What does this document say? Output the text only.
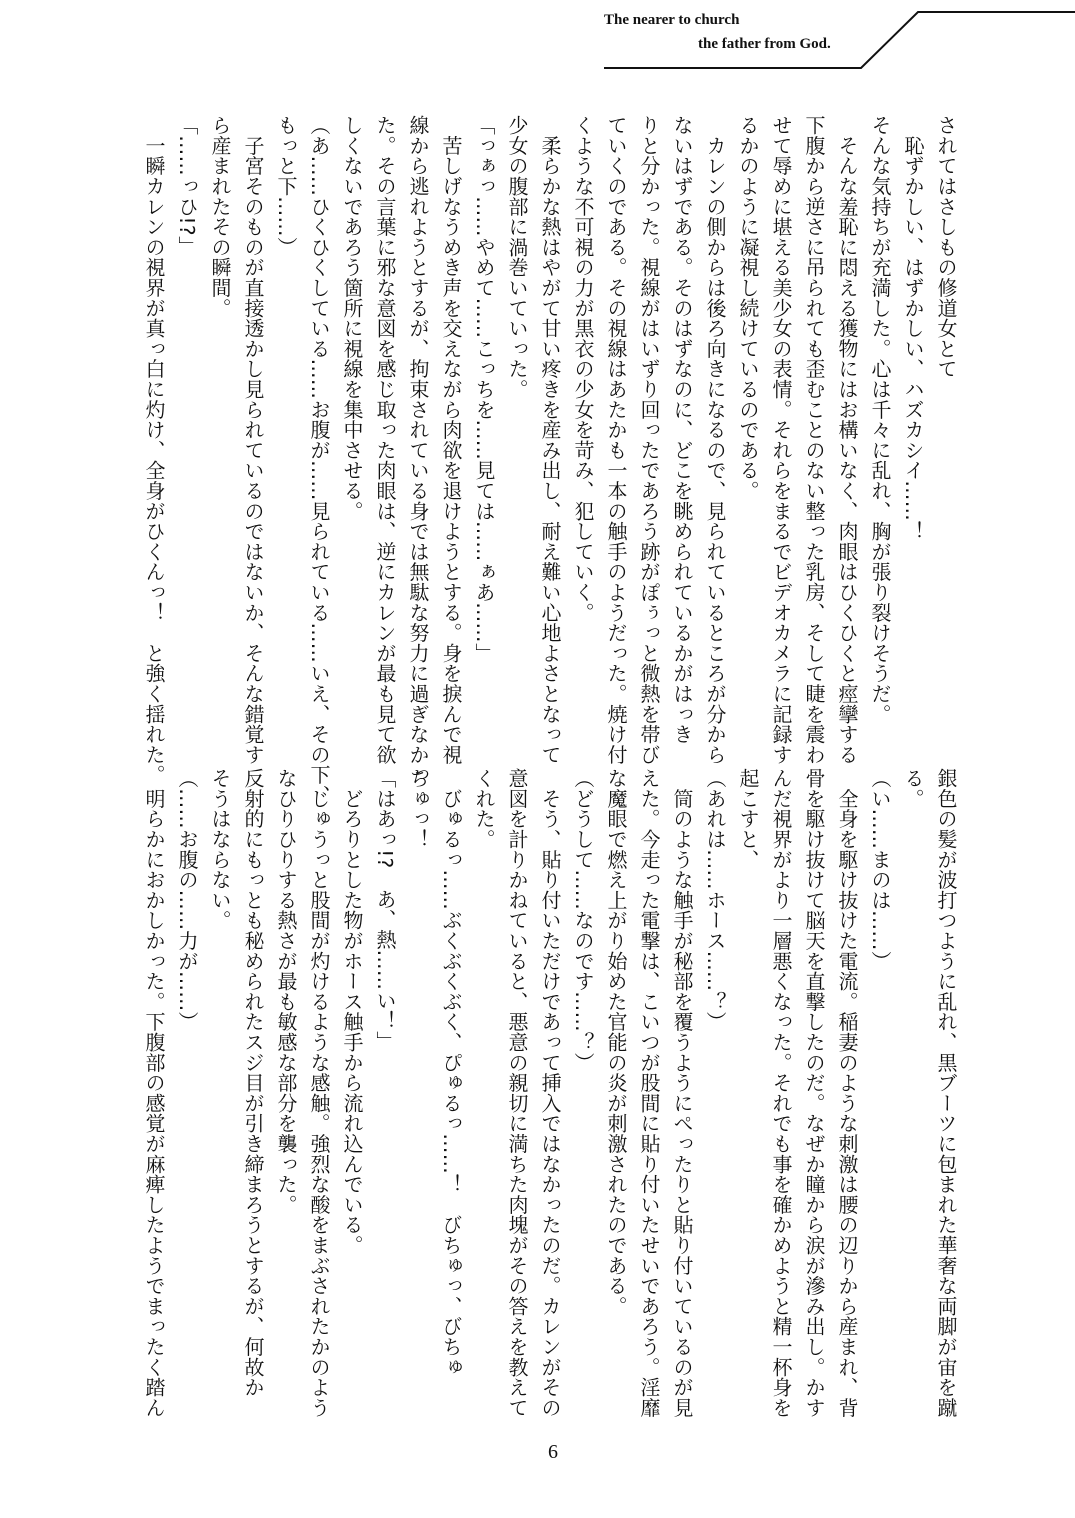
The nearer to church
the father from God.
されてはさしもの修道女とて
　恥ずかしい、はずかしい、ハズカシイ……！
そんな気持ちが充満した。心は千々に乱れ、胸が張り裂けそうだ。
　そんな羞恥に悶える獲物にはお構いなく、肉眼はひくひくと痙攣する
下腹から逆さに吊られても歪むことのない整った乳房、そして睫を震わ
せて辱めに堪える美少女の表情。それらをまるでビデオカメラに記録す
るかのように凝視し続けているのである。
　カレンの側からは後ろ向きになるので、見られているところが分から
ないはずである。そのはずなのに、どこを眺められているかがはっき
りと分かった。視線がはいずり回ったであろう跡がぽぅっと微熱を帯び
ていくのである。その視線はあたかも一本の触手のようだった。焼け付
くような不可視の力が黒衣の少女を苛み、犯していく。
　柔らかな熱はやがて甘い疼きを産み出し、耐え難い心地よさとなって
少女の腹部に渦巻いていった。
「っぁっ……やめて……こっちを……見ては……ぁあ……」
　苦しげなうめき声を交えながら肉欲を退けようとする。身を捩んで視
線から逃れようとするが、拘束されている身では無駄な努力に過ぎなかっ
た。その言葉に邪な意図を感じ取った肉眼は、逆にカレンが最も見て欲
しくないであろう箇所に視線を集中させる。
（あ……ひくひくしている……お腹が……見られている……いえ、その下、
もっと下……）
　子宮そのものが直接透かし見られているのではないか、そんな錯覚す
ら産まれたその瞬間。
「……っひ!?」
　一瞬カレンの視界が真っ白に灼け、全身がひくんっ！　と強く揺れた。
銀色の髪が波打つように乱れ、黒ブーツに包まれた華奢な両脚が宙を蹴
る。
（い……まのは……）
　全身を駆け抜けた電流。稲妻のような刺激は腰の辺りから産まれ、背
骨を駆け抜けて脳天を直撃したのだ。なぜか瞳から涙が滲み出し。かす
んだ視界がより一層悪くなった。それでも事を確かめようと精一杯身を
起こすと、
（あれは……ホース……？）
　筒のような触手が秘部を覆うようにぺったりと貼り付いているのが見
えた。今走った電撃は、こいつが股間に貼り付いたせいであろう。淫靡
な魔眼で燃え上がり始めた官能の炎が刺激されたのである。
（どうして……なのです……？）
　そう、貼り付いただけであって挿入ではなかったのだ。カレンがその
意図を計りかねていると、悪意の親切に満ちた肉塊がその答えを教えて
くれた。
　びゅるっ……ぶくぶくぶく、ぴゅるっ……！　びちゅっ、びちゅ
ちゅっ！
「はあっ!?　あ、熱……い！」
　どろりとした物がホース触手から流れ込んでいる。
　じゅうっと股間が灼けるような感触。強烈な酸をまぶされたかのよう
なひりひりする熱さが最も敏感な部分を襲った。
反射的にもっとも秘められたスジ目が引き締まろうとするが、何故か
そうはならない。
（……お腹の……力が……）
　明らかにおかしかった。下腹部の感覚が麻痺したようでまったく踏ん
6
